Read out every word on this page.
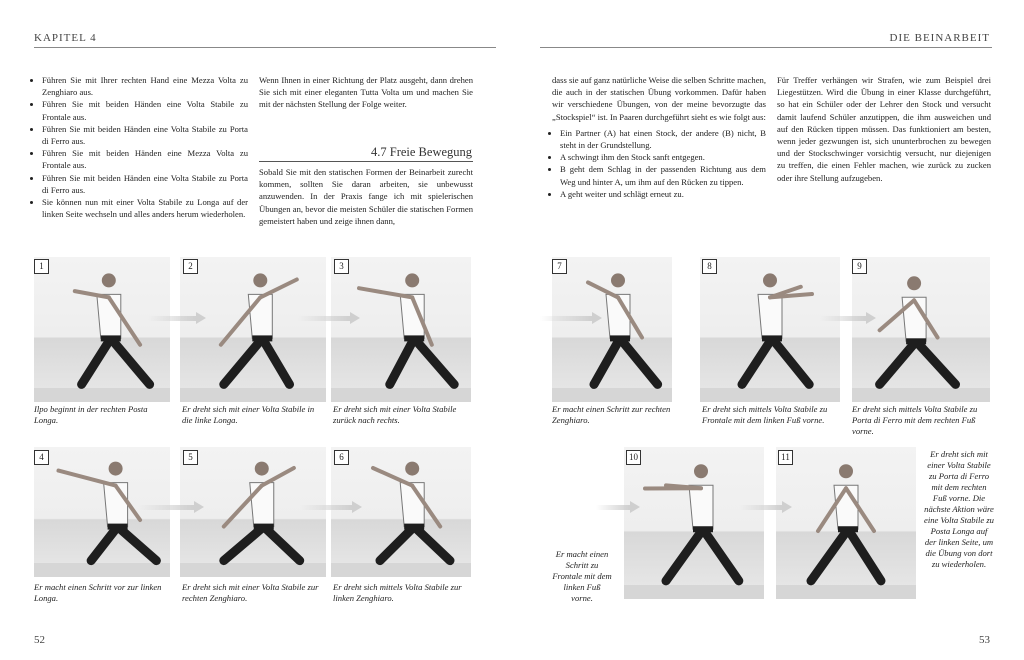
KAPITEL 4	DIE BEINARBEIT
• Führen Sie mit Ihrer rechten Hand eine Mezza Volta zu Zenghiaro aus.
• Führen Sie mit beiden Händen eine Volta Stabile zu Frontale aus.
• Führen Sie mit beiden Händen eine Volta Stabile zu Porta di Ferro aus.
• Führen Sie mit beiden Händen eine Mezza Volta zu Frontale aus.
• Führen Sie mit beiden Händen eine Volta Stabile zu Porta di Ferro aus.
• Sie können nun mit einer Volta Stabile zu Longa auf der linken Seite wechseln und alles anders herum wiederholen.

Wenn Ihnen in einer Richtung der Platz ausgeht, dann drehen Sie sich mit einer eleganten Tutta Volta um und machen Sie mit der nächsten Stellung der Folge weiter.

4.7 Freie Bewegung

Sobald Sie mit den statischen Formen der Beinarbeit zurecht kommen, sollten Sie daran arbeiten, sie unbewusst anzuwenden. In der Praxis fange ich mit spielerischen Übungen an, bevor die meisten Schüler die statischen Formen gemeistert haben und zeige ihnen dann,

dass sie auf ganz natürliche Weise die selben Schritte machen, die auch in der statischen Übung vorkommen. Dafür haben wir verschiedene Übungen, von der meine bevorzugte das „Stockspiel“ ist. In Paaren durchgeführt sieht es wie folgt aus:

• Ein Partner (A) hat einen Stock, der andere (B) nicht, B steht in der Grundstellung.
• A schwingt ihm den Stock sanft entgegen.
• B geht dem Schlag in der passenden Richtung aus dem Weg und hinter A, um ihm auf den Rücken zu tippen.
• A geht weiter und schlägt erneut zu.

Für Treffer verhängen wir Strafen, wie zum Beispiel drei Liegestützen. Wird die Übung in einer Klasse durchgeführt, so hat ein Schüler oder der Lehrer den Stock und versucht damit laufend Schüler anzutippen, die ihm ausweichen und auf den Rücken tippen müssen. Das funktioniert am besten, wenn jeder gezwungen ist, sich ununterbrochen zu bewegen und der Stockschwinger vorsichtig versucht, nur diejenigen zu treffen, die einen Fehler machen, wie zurück zu zucken oder ihre Stellung aufzugeben.

1
Ilpo beginnt in der rechten Posta Longa.
2
Er dreht sich mit einer Volta Stabile in die linke Longa.
3
Er dreht sich mit einer Volta Stabile zurück nach rechts.
4
Er macht einen Schritt vor zur linken Longa.
5
Er dreht sich mit einer Volta Stabile zur rechten Zenghiaro.
6
Er dreht sich mittels Volta Stabile zur linken Zenghiaro.
7
Er macht einen Schritt zur rechten Zenghiaro.
8
Er dreht sich mittels Volta Stabile zu Frontale mit dem linken Fuß vorne.
9
Er dreht sich mittels Volta Stabile zu Porta di Ferro mit dem rechten Fuß vorne.
10
Er macht einen Schritt zu Frontale mit dem linken Fuß vorne.
11	Er dreht sich mit einer Volta Stabile zu Porta di Ferro mit dem rechten Fuß vorne. Die nächste Aktion wäre eine Volta Stabile zu Posta Longa auf der linken Seite, um die Übung von dort zu wiederholen.
52	53
